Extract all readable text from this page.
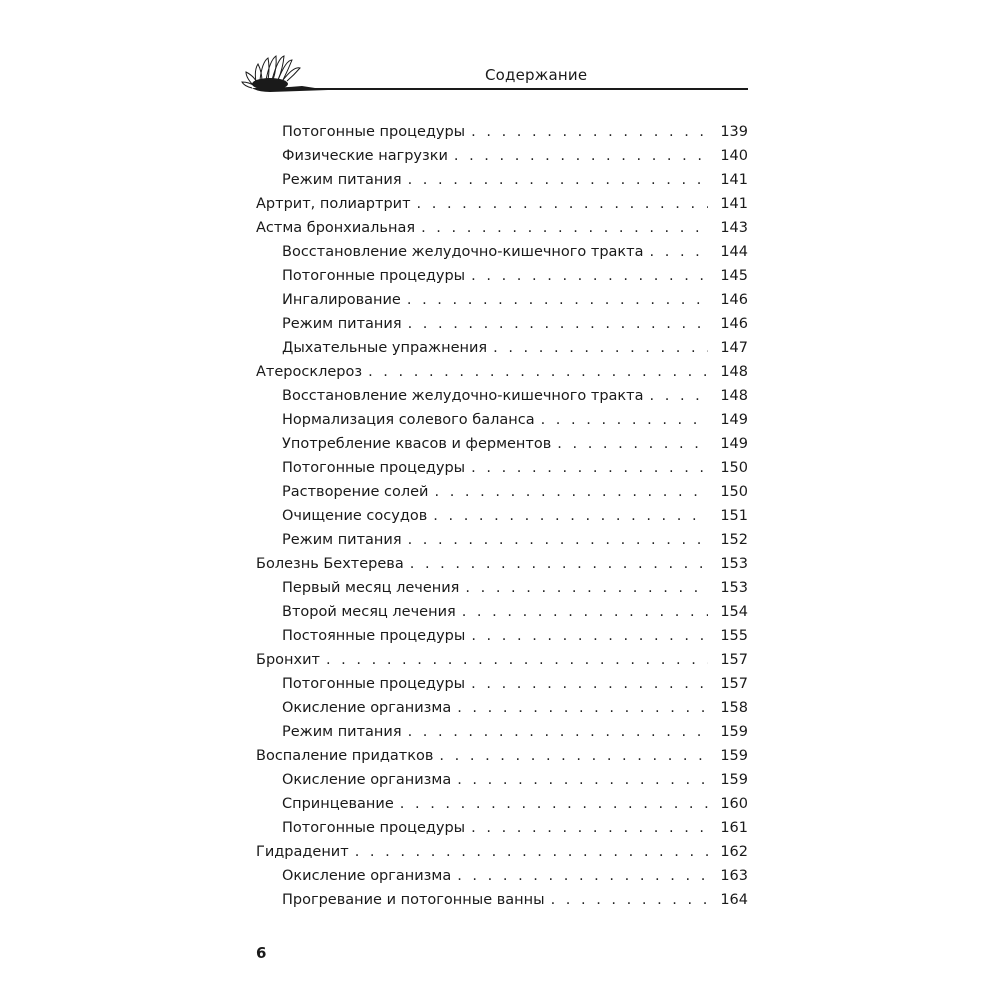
Содержание
Потогонные процедуры . . .	139
Физические нагрузки . . .	140
Режим питания . . .	141
Артрит, полиартрит . . .	141
Астма бронхиальная . . .	143
Восстановление желудочно-кишечного тракта . . .	144
Потогонные процедуры . . .	145
Ингалирование . . .	146
Режим питания . . .	146
Дыхательные упражнения . . .	147
Атеросклероз . . .	148
Восстановление желудочно-кишечного тракта . . .	148
Нормализация солевого баланса . . .	149
Употребление квасов и ферментов . . .	149
Потогонные процедуры . . .	150
Растворение солей . . .	150
Очищение сосудов . . .	151
Режим питания . . .	152
Болезнь Бехтерева . . .	153
Первый месяц лечения . . .	153
Второй месяц лечения . . .	154
Постоянные процедуры . . .	155
Бронхит . . .	157
Потогонные процедуры . . .	157
Окисление организма . . .	158
Режим питания . . .	159
Воспаление придатков . . .	159
Окисление организма . . .	159
Спринцевание . . .	160
Потогонные процедуры . . .	161
Гидраденит . . .	162
Окисление организма . . .	163
Прогревание и потогонные ванны . . .	164
6
